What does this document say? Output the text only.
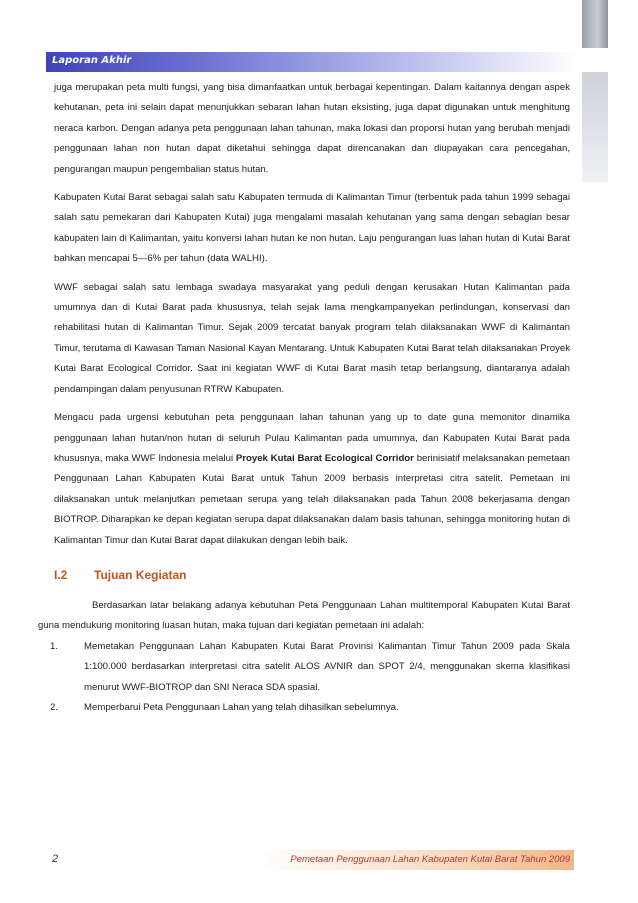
Laporan Akhir

juga merupakan peta multi fungsi, yang bisa dimanfaatkan untuk berbagai kepentingan. Dalam kaitannya dengan aspek kehutanan, peta ini selain dapat menunjukkan sebaran lahan hutan eksisting, juga dapat digunakan untuk menghitung neraca karbon. Dengan adanya peta penggunaan lahan tahunan, maka lokasi dan proporsi hutan yang berubah menjadi penggunaan lahan non hutan dapat diketahui sehingga dapat direncanakan dan diupayakan cara pencegahan, pengurangan maupun pengembalian status hutan.

Kabupaten Kutai Barat sebagai salah satu Kabupaten termuda di Kalimantan Timur (terbentuk pada tahun 1999 sebagai salah satu pemekaran dari Kabupaten Kutai) juga mengalami masalah kehutanan yang sama dengan sebagian besar kabupaten lain di Kalimantan, yaitu konversi lahan hutan ke non hutan. Laju pengurangan luas lahan hutan di Kutai Barat bahkan mencapai 5—6% per tahun (data WALHI).

WWF sebagai salah satu lembaga swadaya masyarakat yang peduli dengan kerusakan Hutan Kalimantan pada umumnya dan di Kutai Barat pada khususnya, telah sejak lama mengkampanyekan perlindungan, konservasi dan rehabilitasi hutan di Kalimantan Timur. Sejak 2009 tercatat banyak program telah dilaksanakan WWF di Kalimantan Timur, terutama di Kawasan Taman Nasional Kayan Mentarang. Untuk Kabupaten Kutai Barat telah dilaksanakan Proyek Kutai Barat Ecological Corridor. Saat ini kegiatan WWF di Kutai Barat masih tetap berlangsung, diantaranya adalah pendampingan dalam penyusunan RTRW Kabupaten.

Mengacu pada urgensi kebutuhan peta penggunaan lahan tahunan yang up to date guna memonitor dinamika penggunaan lahan hutan/non hutan di seluruh Pulau Kalimantan pada umumnya, dan Kabupaten Kutai Barat pada khususnya, maka WWF Indonesia melalui Proyek Kutai Barat Ecological Corridor berinisiatif melaksanakan pemetaan Penggunaan Lahan Kabupaten Kutai Barat untuk Tahun 2009 berbasis interpretasi citra satelit. Pemetaan ini dilaksanakan untuk melanjutkan pemetaan serupa yang telah dilaksanakan pada Tahun 2008 bekerjasama dengan BIOTROP. Diharapkan ke depan kegiatan serupa dapat dilaksanakan dalam basis tahunan, sehingga monitoring hutan di Kalimantan Timur dan Kutai Barat dapat dilakukan dengan lebih baik.

I.2 Tujuan Kegiatan

Berdasarkan latar belakang adanya kebutuhan Peta Penggunaan Lahan multitemporal Kabupaten Kutai Barat guna mendukung monitoring luasan hutan, maka tujuan dari kegiatan pemetaan ini adalah:

1.	Memetakan Penggunaan Lahan Kabupaten Kutai Barat Provinsi Kalimantan Timur Tahun 2009 pada Skala 1:100.000 berdasarkan interpretasi citra satelit ALOS AVNIR dan SPOT 2/4, menggunakan skema klasifikasi menurut WWF-BIOTROP dan SNI Neraca SDA spasial.
2.	Memperbarui Peta Penggunaan Lahan yang telah dihasilkan sebelumnya.
2	Pemetaan Penggunaan Lahan Kabupaten Kutai Barat Tahun 2009
